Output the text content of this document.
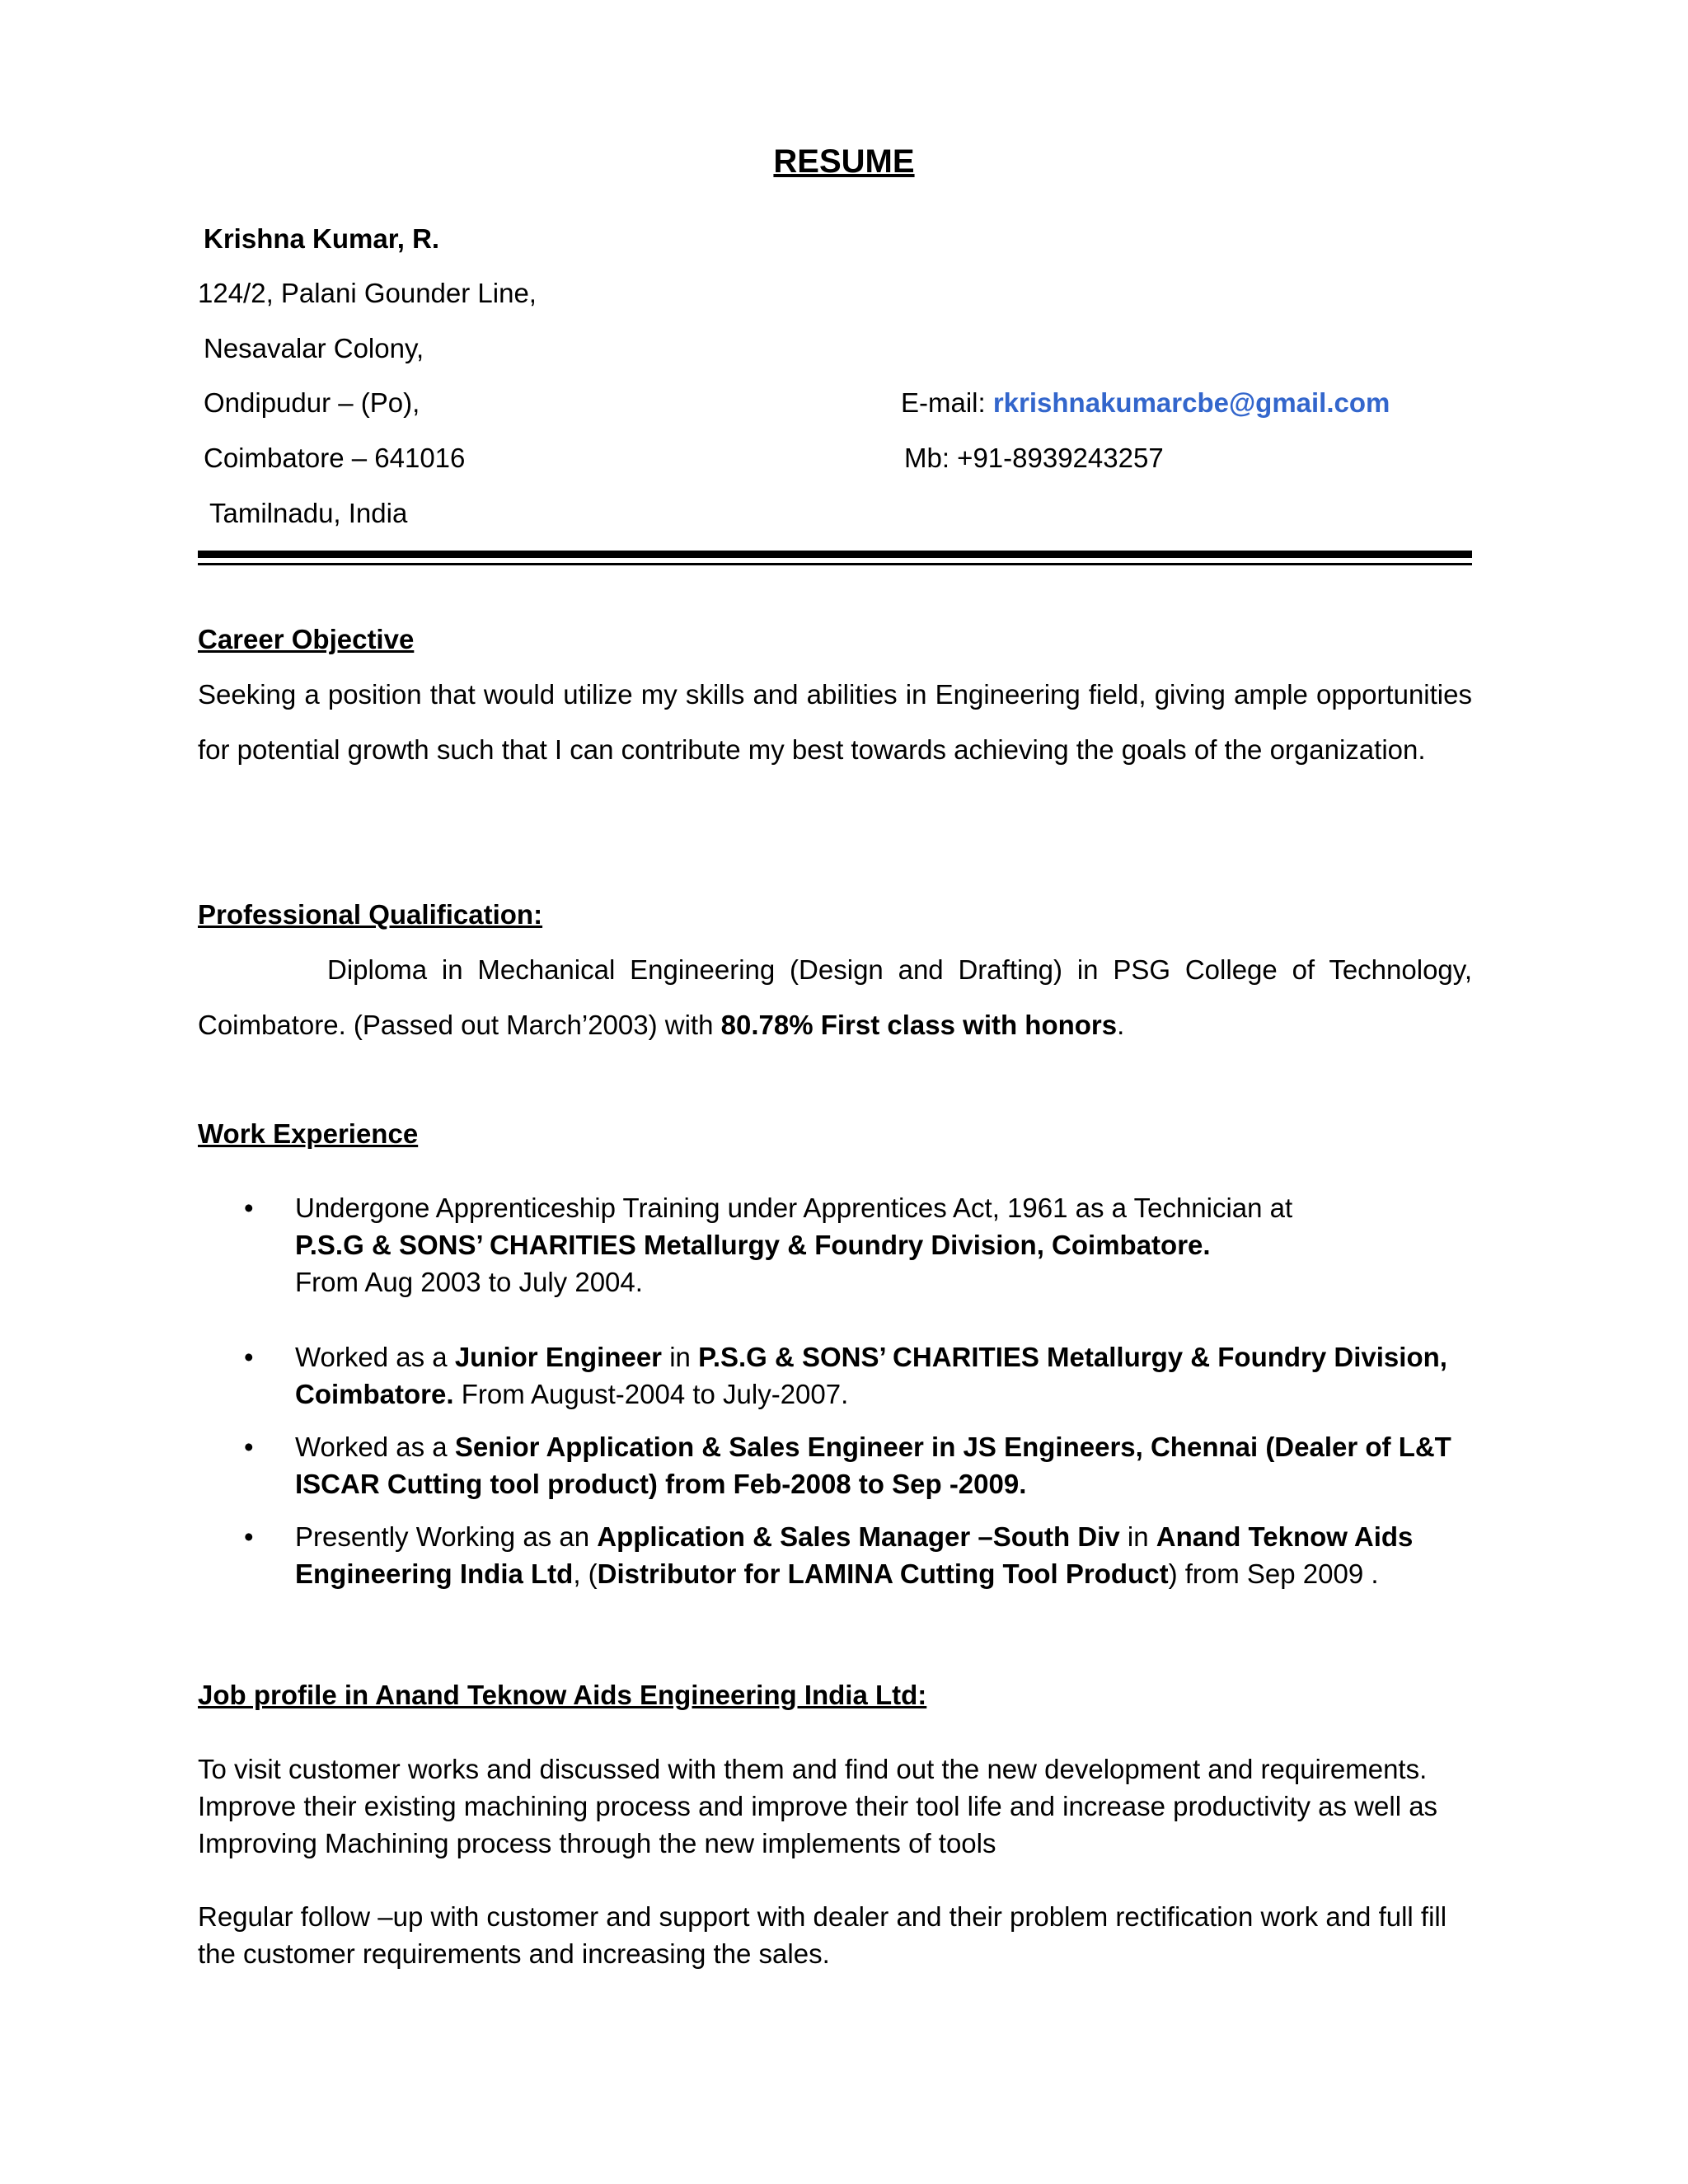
RESUME
Krishna Kumar, R.
124/2, Palani Gounder Line,
Nesavalar Colony,
Ondipudur – (Po),
Coimbatore – 641016
Tamilnadu, India
E-mail: rkrishnakumarcbe@gmail.com
Mb: +91-8939243257
Career Objective
Seeking a position that would utilize my skills and abilities in Engineering field, giving ample opportunities for potential growth such that I can contribute my best towards achieving the goals of the organization.
Professional Qualification:
Diploma in Mechanical Engineering (Design and Drafting) in PSG College of Technology, Coimbatore. (Passed out March’2003) with 80.78% First class with honors.
Work Experience
• Undergone Apprenticeship Training under Apprentices Act, 1961 as a Technician at
P.S.G & SONS’ CHARITIES Metallurgy & Foundry Division, Coimbatore.
From Aug 2003 to July 2004.
• Worked as a Junior Engineer in P.S.G & SONS’ CHARITIES Metallurgy & Foundry Division, Coimbatore. From August-2004 to July-2007.
• Worked as a Senior Application & Sales Engineer in JS Engineers, Chennai (Dealer of L&T ISCAR Cutting tool product) from Feb-2008 to Sep -2009.
• Presently Working as an Application & Sales Manager –South Div in Anand Teknow Aids Engineering India Ltd, (Distributor for LAMINA Cutting Tool Product) from Sep 2009 .
Job profile in Anand Teknow Aids Engineering India Ltd:
To visit customer works and discussed with them and find out the new development and requirements. Improve their existing machining process and improve their tool life and increase productivity as well as Improving Machining process through the new implements of tools
Regular follow –up with customer and support with dealer and their problem rectification work and full fill the customer requirements and increasing the sales.
